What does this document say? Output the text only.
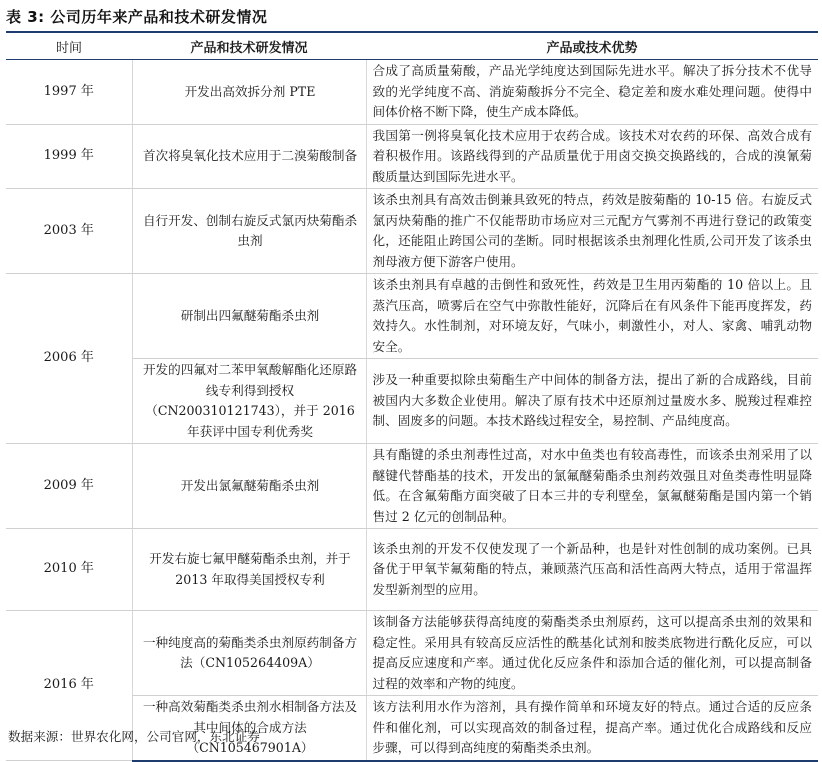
表 3: 公司历年来产品和技术研发情况
时间	产品和技术研发情况	产品或技术优势
1997 年	开发出高效拆分剂 PTE	合成了高质量菊酸，产品光学纯度达到国际先进水平。解决了拆分技术不优导致的光学纯度不高、消旋菊酸拆分不完全、稳定差和废水难处理问题。使得中间体价格不断下降，使生产成本降低。
1999 年	首次将臭氧化技术应用于二溴菊酸制备	我国第一例将臭氧化技术应用于农药合成。该技术对农药的环保、高效合成有着积极作用。该路线得到的产品质量优于用卤交换交换路线的，合成的溴氰菊酸质量达到国际先进水平。
2003 年	自行开发、创制右旋反式氯丙炔菊酯杀虫剂	该杀虫剂具有高效击倒兼具致死的特点，药效是胺菊酯的 10-15 倍。右旋反式氯丙炔菊酯的推广不仅能帮助市场应对三元配方气雾剂不再进行登记的政策变化，还能阻止跨国公司的垄断。同时根据该杀虫剂理化性质,公司开发了该杀虫剂母液方便下游客户使用。
2006 年	研制出四氟醚菊酯杀虫剂	该杀虫剂具有卓越的击倒性和致死性，药效是卫生用丙菊酯的 10 倍以上。且蒸汽压高，喷雾后在空气中弥散性能好，沉降后在有风条件下能再度挥发，药效持久。水性制剂，对环境友好，气味小，刺激性小，对人、家禽、哺乳动物安全。
	开发的四氟对二苯甲氧酸解酯化还原路线专利得到授权（CN200310121743），并于 2016 年获评中国专利优秀奖	涉及一种重要拟除虫菊酯生产中间体的制备方法，提出了新的合成路线，目前被国内大多数企业使用。解决了原有技术中还原剂过量废水多、脱羧过程难控制、固废多的问题。本技术路线过程安全，易控制、产品纯度高。
2009 年	开发出氯氟醚菊酯杀虫剂	具有酯键的杀虫剂毒性过高，对水中鱼类也有较高毒性，而该杀虫剂采用了以醚键代替酯基的技术，开发出的氯氟醚菊酯杀虫剂药效强且对鱼类毒性明显降低。在含氟菊酯方面突破了日本三井的专利壁垒，氯氟醚菊酯是国内第一个销售过 2 亿元的创制品种。
2010 年	开发右旋七氟甲醚菊酯杀虫剂，并于 2013 年取得美国授权专利	该杀虫剂的开发不仅使发现了一个新品种，也是针对性创制的成功案例。已具备优于甲氧苄氟菊酯的特点，兼顾蒸汽压高和活性高两大特点，适用于常温挥发型新剂型的应用。
2016 年	一种纯度高的菊酯类杀虫剂原药制备方法（CN105264409A）	该制备方法能够获得高纯度的菊酯类杀虫剂原药，这可以提高杀虫剂的效果和稳定性。采用具有较高反应活性的酰基化试剂和胺类底物进行酰化反应，可以提高反应速度和产率。通过优化反应条件和添加合适的催化剂，可以提高制备过程的效率和产物的纯度。
	一种高效菊酯类杀虫剂水相制备方法及其中间体的合成方法（CN105467901A）	该方法利用水作为溶剂，具有操作简单和环境友好的特点。通过合适的反应条件和催化剂，可以实现高效的制备过程，提高产率。通过优化合成路线和反应步骤，可以得到高纯度的菊酯类杀虫剂。
数据来源：世界农化网，公司官网，东北证券
